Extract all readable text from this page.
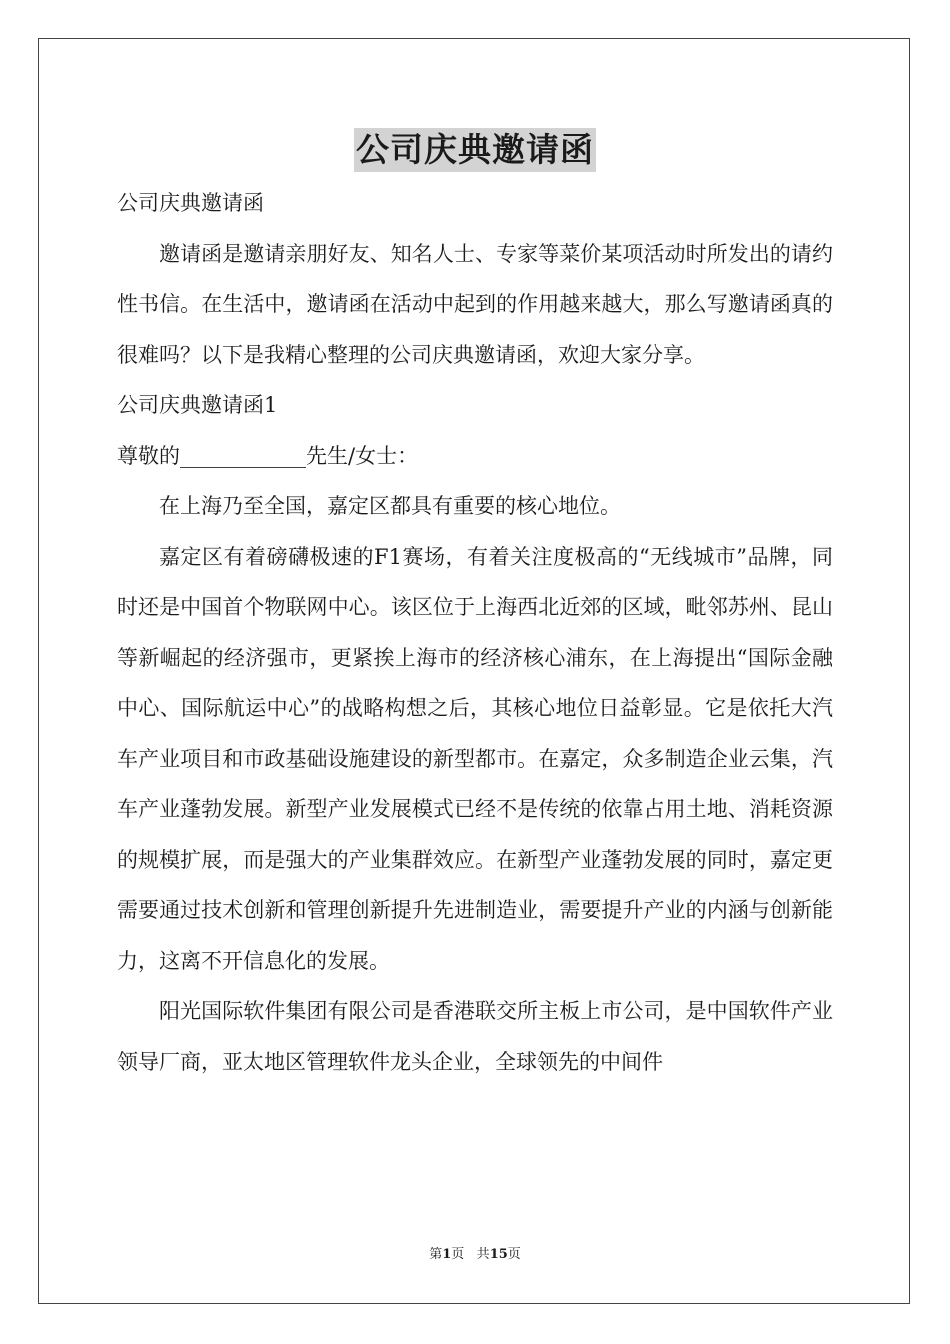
公司庆典邀请函

公司庆典邀请函

邀请函是邀请亲朋好友、知名人士、专家等菜价某项活动时所发出的请约性书信。在生活中，邀请函在活动中起到的作用越来越大，那么写邀请函真的很难吗？以下是我精心整理的公司庆典邀请函，欢迎大家分享。

公司庆典邀请函1

尊敬的____________先生/女士：

在上海乃至全国，嘉定区都具有重要的核心地位。

嘉定区有着磅礴极速的F1赛场，有着关注度极高的“无线城市”品牌，同时还是中国首个物联网中心。该区位于上海西北近郊的区域，毗邻苏州、昆山等新崛起的经济强市，更紧挨上海市的经济核心浦东，在上海提出“国际金融中心、国际航运中心”的战略构想之后，其核心地位日益彰显。它是依托大汽车产业项目和市政基础设施建设的新型都市。在嘉定，众多制造企业云集，汽车产业蓬勃发展。新型产业发展模式已经不是传统的依靠占用土地、消耗资源的规模扩展，而是强大的产业集群效应。在新型产业蓬勃发展的同时，嘉定更需要通过技术创新和管理创新提升先进制造业，需要提升产业的内涵与创新能力，这离不开信息化的发展。

阳光国际软件集团有限公司是香港联交所主板上市公司，是中国软件产业领导厂商，亚太地区管理软件龙头企业，全球领先的中间件

第1页 共15页
